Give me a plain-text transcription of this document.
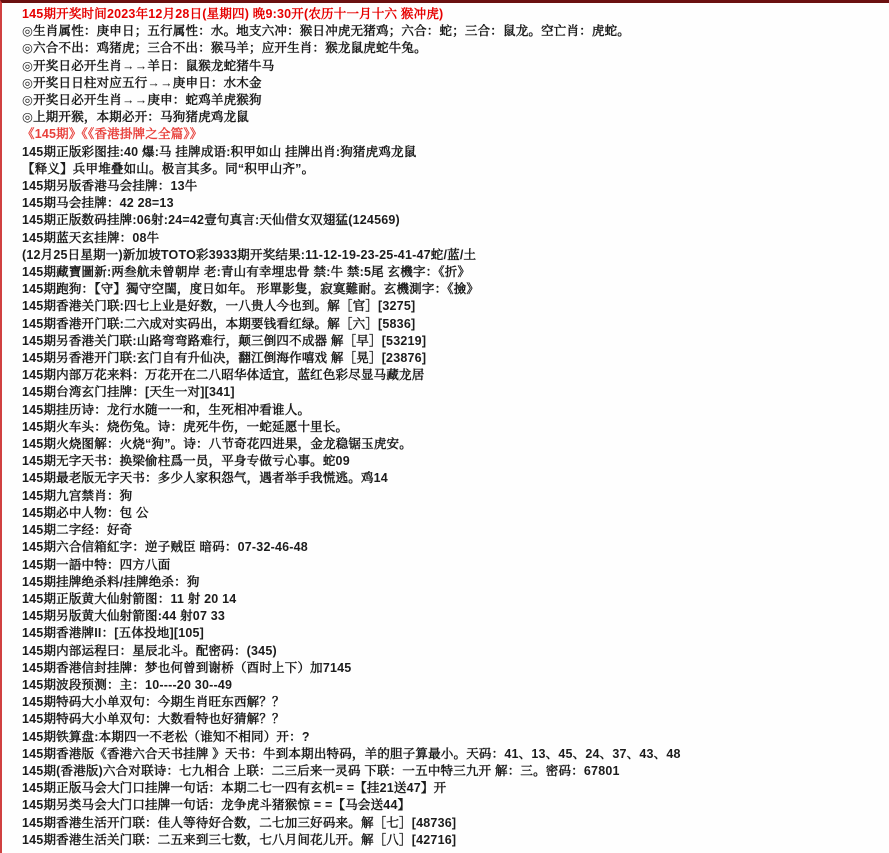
145期开奖时间2023年12月28日(星期四) 晚9:30开(农历十一月十六 猴冲虎)
◎生肖属性：庚申日；五行属性：水。地支六冲：猴日冲虎无猪鸡；六合：蛇；三合：鼠龙。空亡肖：虎蛇。
◎六合不出：鸡猪虎；三合不出：猴马羊；应开生肖：猴龙鼠虎蛇牛兔。
◎开奖日必开生肖→→羊日：鼠猴龙蛇猪牛马
◎开奖日日柱对应五行→→庚申日：水木金
◎开奖日必开生肖→→庚申：蛇鸡羊虎猴狗
◎上期开猴，本期必开：马狗猪虎鸡龙鼠
《145期》《《香港掛牌之全篇》》
145期正版彩图挂:40 爆:马 挂牌成语:积甲如山 挂牌出肖:狗猪虎鸡龙鼠
【释义】兵甲堆叠如山。极言其多。同“积甲山齐”。
145期另版香港马会挂牌：13牛
145期马会挂牌：42 28=13
145期正版数码挂牌:06射:24=42壹句真言:天仙借女双翅猛(124569)
145期蓝天玄挂牌：08牛
(12月25日星期一)新加坡TOTO彩3933期开奖结果:11-12-19-23-25-41-47蛇/蓝/土
145期藏寶圖新:两叁航未曾朝岸 老:青山有幸埋忠骨 禁:牛 禁:5尾 玄機字：《折》
145期跑狗：【守】獨守空閨，度日如年。 形單影隻，寂寞難耐。玄機測字：《撿》
145期香港关门联:四七上业是好数，一八贵人今也到。解［官］[3275]
145期香港开门联:二六成对实码出，本期要钱看红绿。解［六］[5836]
145期另香港关门联:山路弯弯路难行，颠三倒四不成器 解［早］[53219]
145期另香港开门联:玄门自有升仙决，翻江倒海作嘻戏 解［晃］[23876]
145期内部万花来料：万花开在二八昭华体适宜，蓝红色彩尽显马藏龙居
145期台湾玄门挂牌：[天生一对][341]
145期挂历诗：龙行水随一一和，生死相冲看谁人。
145期火车头：烧伤兔。诗：虎死牛伤，一蛇延愿十里长。
145期火烧图解：火烧“狗”。诗：八节奇花四进果，金龙稳锯玉虎安。
145期无字天书：换梁偷柱爲一员，平身专做亏心事。蛇09
145期最老版无字天书：多少人家积怨气，遇者举手我慌逃。鸡14
145期九宫禁肖：狗
145期必中人物：包 公
145期二字经：好奇
145期六合信箱紅字：逆子贼臣 暗码：07-32-46-48
145期一語中特：四方八面
145期挂牌绝杀料/挂牌绝杀：狗
145期正版黄大仙射箭图：11 射 20 14
145期另版黄大仙射箭图:44 射07 33
145期香港牌II：[五体投地][105]
145期内部运程曰：星辰北斗。配密码：(345)
145期香港信封挂牌：梦也何曾到谢桥（酉时上下）加7145
145期波段预测：主：10----20 30--49
145期特码大小单双句：今期生肖旺东西解？？
145期特码大小单双句：大数看特也好猜解？？
145期铁算盘:本期四一不老松（谁知不相同）开：?
145期香港版《香港六合天书挂牌 》天书：牛到本期出特码，羊的胆子算最小。天码：41、13、45、24、37、43、48
145期(香港版)六合对联诗：七九相合 上联：二三后来一灵码 下联：一五中特三九开 解：三。密码：67801
145期正版马会大门口挂牌一句话：本期二七一四有玄机= =【挂21送47】开
145期另类马会大门口挂牌一句话：龙争虎斗猪猴惊 = =【马会送44】
145期香港生活开门联：佳人等待好合数，二七加三好码来。解［七］[48736]
145期香港生活关门联：二五来到三七数，七八月间花儿开。解［八］[42716]
